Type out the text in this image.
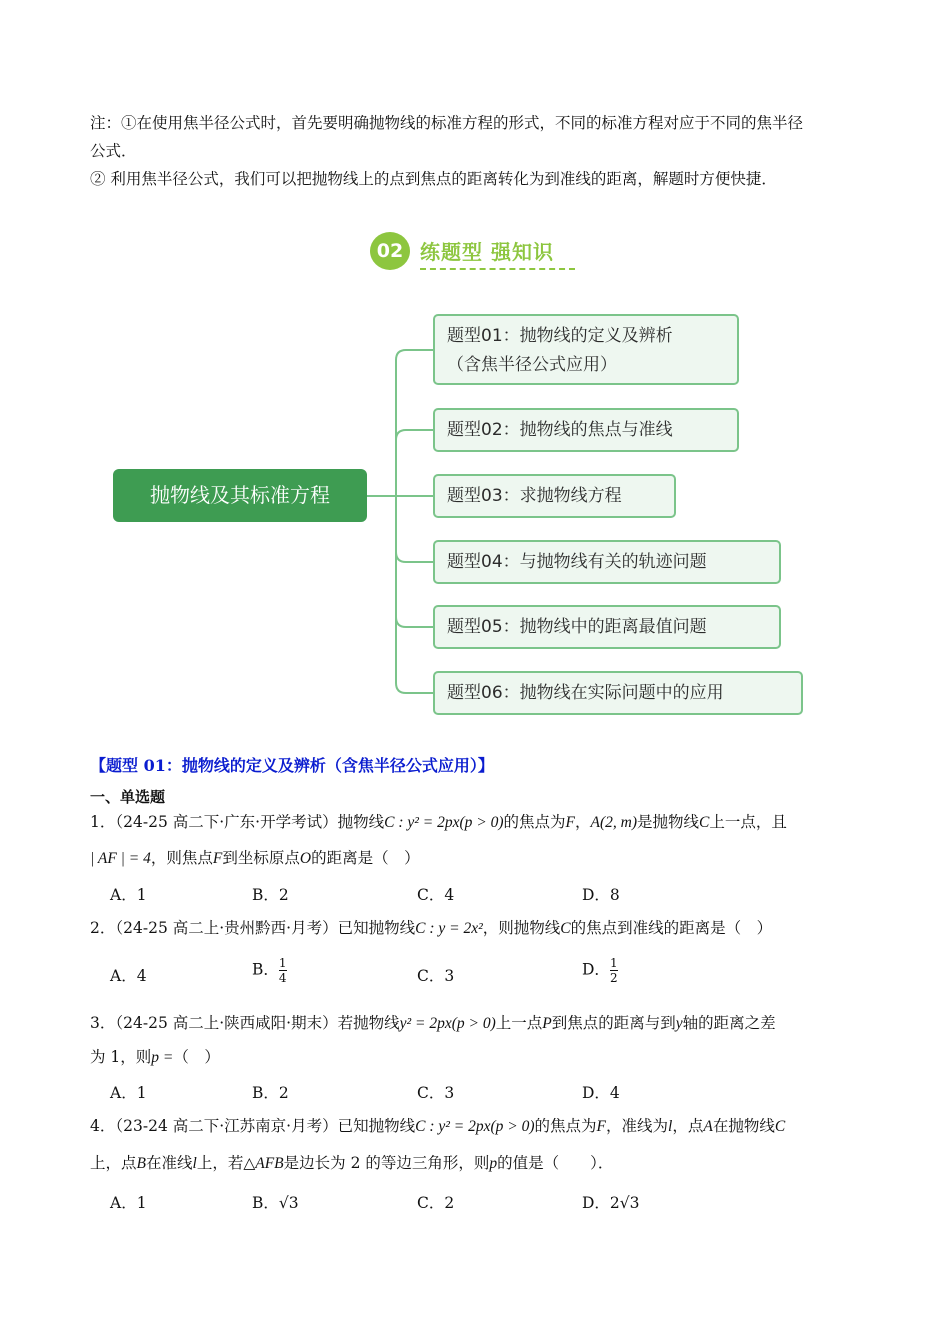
注：①在使用焦半径公式时，首先要明确抛物线的标准方程的形式，不同的标准方程对应于不同的焦半径
公式．
② 利用焦半径公式，我们可以把抛物线上的点到焦点的距离转化为到准线的距离，解题时方便快捷．
02 练题型 强知识
抛物线及其标准方程
题型01：抛物线的定义及辨析
（含焦半径公式应用）
题型02：抛物线的焦点与准线
题型03：求抛物线方程
题型04：与抛物线有关的轨迹问题
题型05：抛物线中的距离最值问题
题型06：抛物线在实际问题中的应用
【题型 01：抛物线的定义及辨析（含焦半径公式应用）】
一、单选题
1．（24-25 高二下·广东·开学考试）抛物线C : y² = 2px(p > 0)的焦点为F，A(2, m)是抛物线C上一点，且
| AF | = 4，则焦点F到坐标原点O的距离是（　）
A．1	B．2	C．4	D．8
2．（24-25 高二上·贵州黔西·月考）已知抛物线C : y = 2x²，则抛物线C的焦点到准线的距离是（　）
A．4	B． $\frac{1}{4}$	C．3	D． $\frac{1}{2}$
3．（24-25 高二上·陕西咸阳·期末）若抛物线y² = 2px(p > 0)上一点P到焦点的距离与到y轴的距离之差
为 1，则p =（　）
A．1	B．2	C．3	D．4
4．（23-24 高二下·江苏南京·月考）已知抛物线C : y² = 2px(p > 0)的焦点为F，准线为l，点A在抛物线C
上，点B在准线l上，若△AFB是边长为 2 的等边三角形，则p的值是（　　）．
A．1	B．√3	C．2	D．2√3
